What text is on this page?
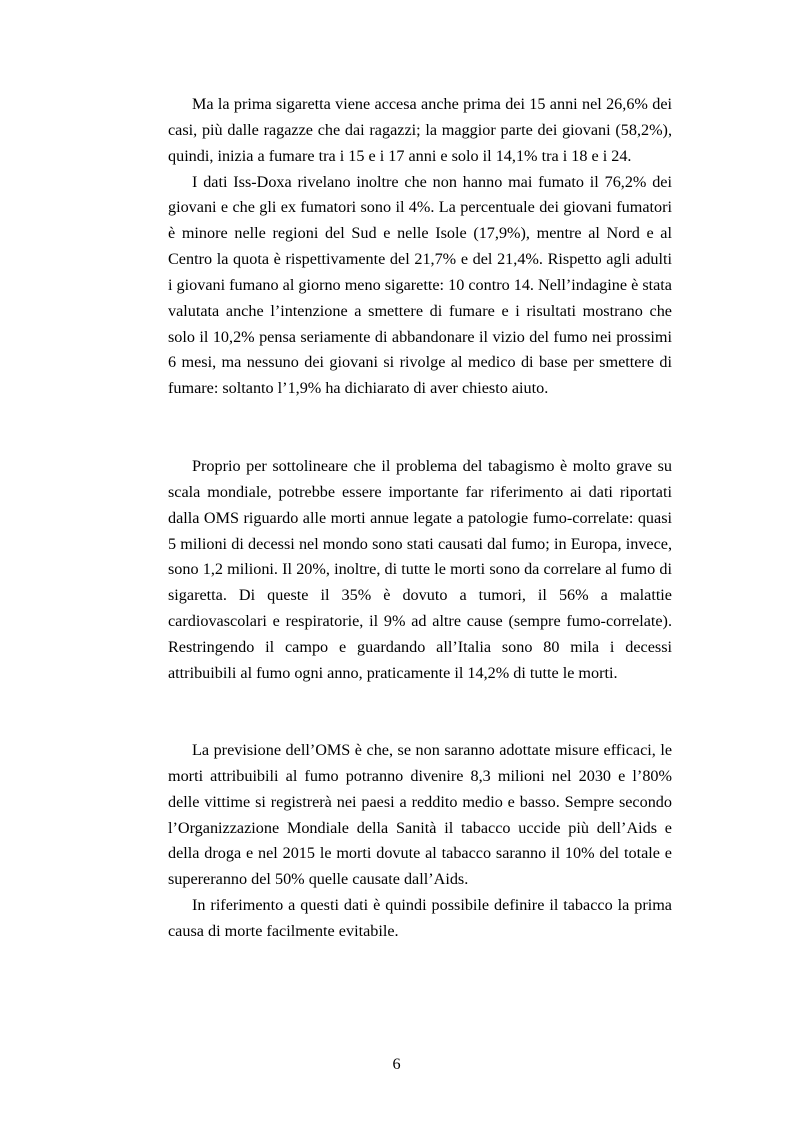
Ma la prima sigaretta viene accesa anche prima dei 15 anni nel 26,6% dei casi, più dalle ragazze che dai ragazzi; la maggior parte dei giovani (58,2%), quindi, inizia a fumare tra i 15 e i 17 anni e solo il 14,1% tra i 18 e i 24.

I dati Iss-Doxa rivelano inoltre che non hanno mai fumato il 76,2% dei giovani e che gli ex fumatori sono il 4%. La percentuale dei giovani fumatori è minore nelle regioni del Sud e nelle Isole (17,9%), mentre al Nord e al Centro la quota è rispettivamente del 21,7% e del 21,4%. Rispetto agli adulti i giovani fumano al giorno meno sigarette: 10 contro 14. Nell’indagine è stata valutata anche l’intenzione a smettere di fumare e i risultati mostrano che solo il 10,2% pensa seriamente di abbandonare il vizio del fumo nei prossimi 6 mesi, ma nessuno dei giovani si rivolge al medico di base per smettere di fumare: soltanto l’1,9% ha dichiarato di aver chiesto aiuto.

Proprio per sottolineare che il problema del tabagismo è molto grave su scala mondiale, potrebbe essere importante far riferimento ai dati riportati dalla OMS riguardo alle morti annue legate a patologie fumo-correlate: quasi 5 milioni di decessi nel mondo sono stati causati dal fumo; in Europa, invece, sono 1,2 milioni. Il 20%, inoltre, di tutte le morti sono da correlare al fumo di sigaretta. Di queste il 35% è dovuto a tumori, il 56% a malattie cardiovascolari e respiratorie, il 9% ad altre cause (sempre fumo-correlate). Restringendo il campo e guardando all’Italia sono 80 mila i decessi attribuibili al fumo ogni anno, praticamente il 14,2% di tutte le morti.

La previsione dell’OMS è che, se non saranno adottate misure efficaci, le morti attribuibili al fumo potranno divenire 8,3 milioni nel 2030 e l’80% delle vittime si registrerà nei paesi a reddito medio e basso. Sempre secondo l’Organizzazione Mondiale della Sanità il tabacco uccide più dell’Aids e della droga e nel 2015 le morti dovute al tabacco saranno il 10% del totale e supereranno del 50% quelle causate dall’Aids.

In riferimento a questi dati è quindi possibile definire il tabacco la prima causa di morte facilmente evitabile.

6
